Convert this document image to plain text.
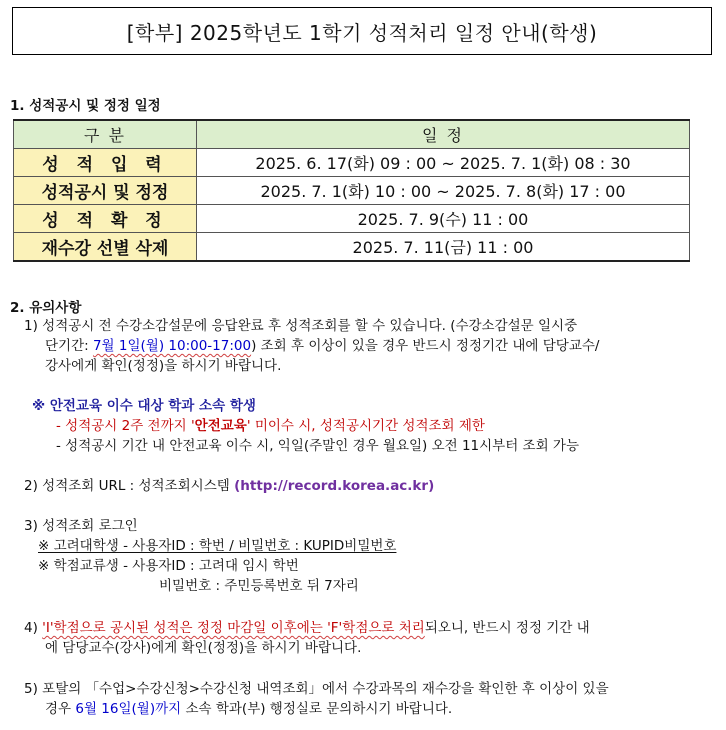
[학부] 2025학년도 1학기 성적처리 일정 안내(학생)
1. 성적공시 및 정정 일정
구 분	일 정
성 적 입 력	2025. 6. 17(화) 09 : 00 ~ 2025. 7. 1(화) 08 : 30
성적공시 및 정정	2025. 7. 1(화) 10 : 00 ~ 2025. 7. 8(화) 17 : 00
성 적 확 정	2025. 7. 9(수) 11 : 00
재수강 선별 삭제	2025. 7. 11(금) 11 : 00
2. 유의사항
1) 성적공시 전 수강소감설문에 응답완료 후 성적조회를 할 수 있습니다. (수강소감설문 일시중
단기간: 7월 1일(월) 10:00-17:00) 조회 후 이상이 있을 경우 반드시 정정기간 내에 담당교수/
강사에게 확인(정정)을 하시기 바랍니다.
※ 안전교육 이수 대상 학과 소속 학생
- 성적공시 2주 전까지 '안전교육' 미이수 시, 성적공시기간 성적조회 제한
- 성적공시 기간 내 안전교육 이수 시, 익일(주말인 경우 월요일) 오전 11시부터 조회 가능
2) 성적조회 URL : 성적조회시스템 (http://record.korea.ac.kr)
3) 성적조회 로그인
※ 고려대학생 - 사용자ID : 학번 / 비밀번호 : KUPID비밀번호
※ 학점교류생 - 사용자ID : 고려대 임시 학번
비밀번호 : 주민등록번호 뒤 7자리
4) 'I'학점으로 공시된 성적은 정정 마감일 이후에는 'F'학점으로 처리되오니, 반드시 정정 기간 내
에 담당교수(강사)에게 확인(정정)을 하시기 바랍니다.
5) 포탈의 「수업>수강신청>수강신청 내역조회」에서 수강과목의 재수강을 확인한 후 이상이 있을
경우 6월 16일(월)까지 소속 학과(부) 행정실로 문의하시기 바랍니다.
